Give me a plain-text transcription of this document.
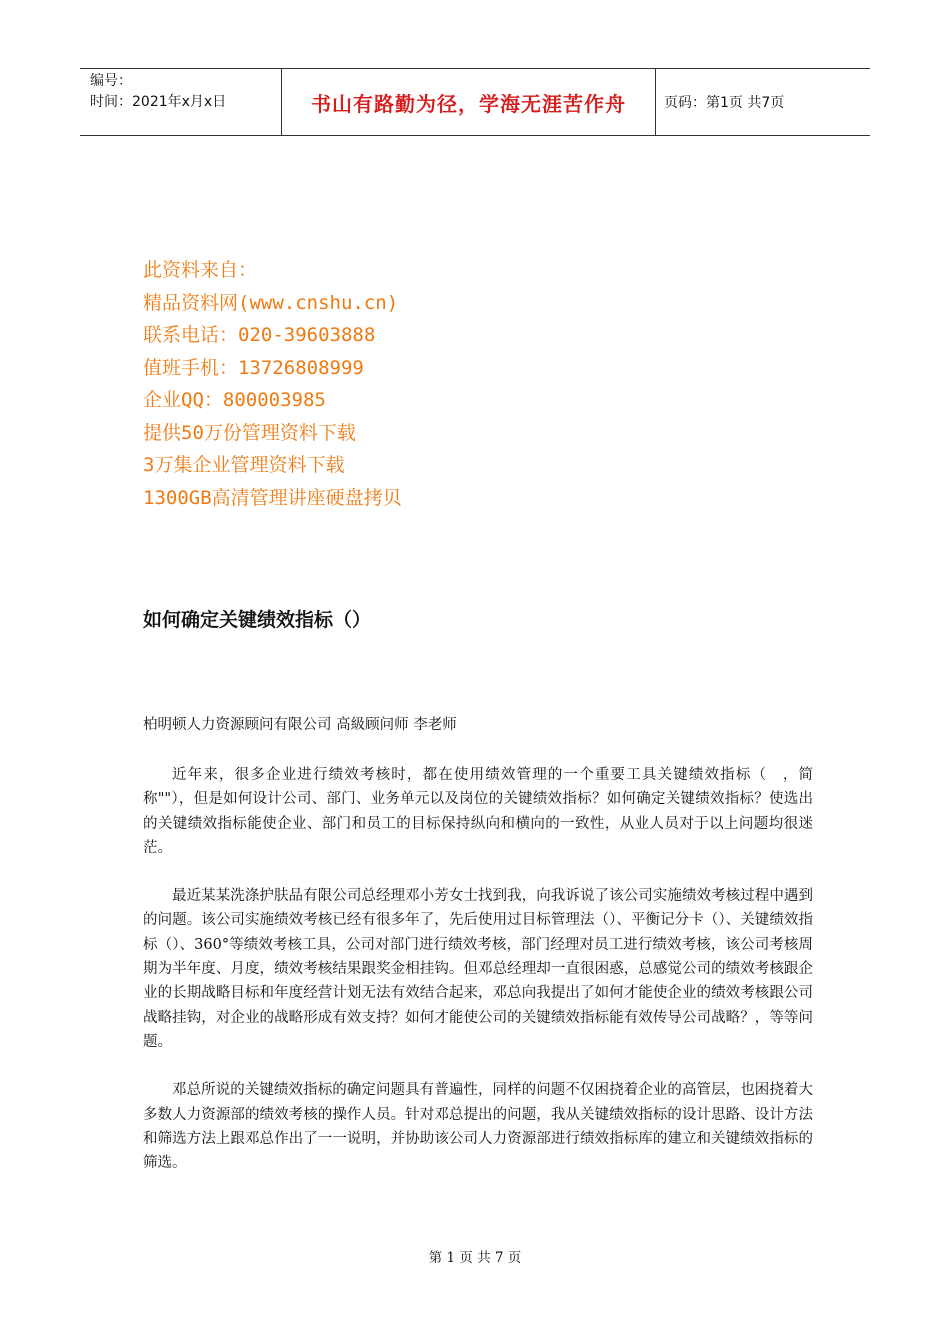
编号：
时间：2021年x月x日	书山有路勤为径，学海无涯苦作舟	页码：第1页 共7页
此资料来自：
精品资料网(www.cnshu.cn)
联系电话：020-39603888
值班手机：13726808999
企业QQ：800003985
提供50万份管理资料下载
3万集企业管理资料下载
1300GB高清管理讲座硬盘拷贝
如何确定关键绩效指标（）
柏明顿人力资源顾问有限公司 高級顾问师 李老师

近年来，很多企业进行绩效考核时，都在使用绩效管理的一个重要工具关键绩效指标（　，简称""），但是如何设计公司、部门、业务单元以及岗位的关键绩效指标？如何确定关键绩效指标？使选出的关键绩效指标能使企业、部门和员工的目标保持纵向和横向的一致性，从业人员对于以上问题均很迷茫。

最近某某洗涤护肤品有限公司总经理邓小芳女士找到我，向我诉说了该公司实施绩效考核过程中遇到的问题。该公司实施绩效考核已经有很多年了，先后使用过目标管理法（）、平衡记分卡（）、关键绩效指标（）、360°等绩效考核工具，公司对部门进行绩效考核，部门经理对员工进行绩效考核，该公司考核周期为半年度、月度，绩效考核结果跟奖金相挂钩。但邓总经理却一直很困惑，总感觉公司的绩效考核跟企业的长期战略目标和年度经营计划无法有效结合起来，邓总向我提出了如何才能使企业的绩效考核跟公司战略挂钩，对企业的战略形成有效支持？如何才能使公司的关键绩效指标能有效传导公司战略？，等等问题。

邓总所说的关键绩效指标的确定问题具有普遍性，同样的问题不仅困挠着企业的高管层，也困挠着大多数人力资源部的绩效考核的操作人员。针对邓总提出的问题，我从关键绩效指标的设计思路、设计方法和筛选方法上跟邓总作出了一一说明，并协助该公司人力资源部进行绩效指标库的建立和关键绩效指标的筛选。

第 1 页 共 7 页
